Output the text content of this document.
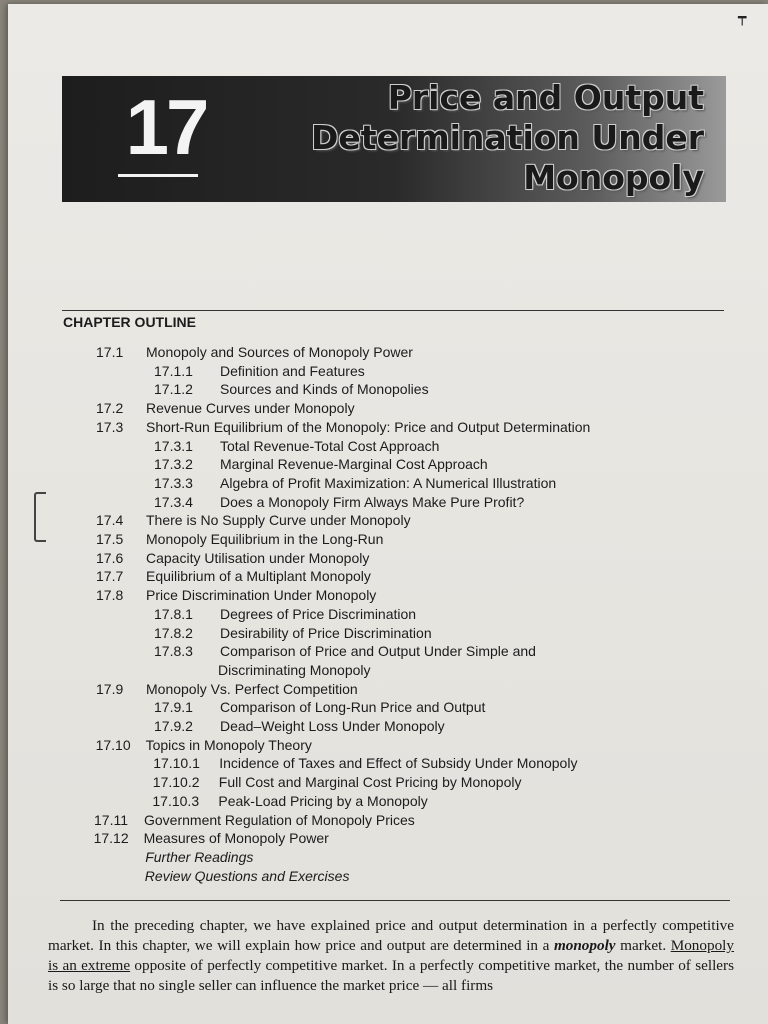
┯
17	Price and Output
Determination Under
Monopoly
CHAPTER OUTLINE
17.1 Monopoly and Sources of Monopoly Power
17.1.1 Definition and Features
17.1.2 Sources and Kinds of Monopolies
17.2 Revenue Curves under Monopoly
17.3 Short-Run Equilibrium of the Monopoly: Price and Output Determination
17.3.1 Total Revenue-Total Cost Approach
17.3.2 Marginal Revenue-Marginal Cost Approach
17.3.3 Algebra of Profit Maximization: A Numerical Illustration
17.3.4 Does a Monopoly Firm Always Make Pure Profit?
17.4 There is No Supply Curve under Monopoly
17.5 Monopoly Equilibrium in the Long-Run
17.6 Capacity Utilisation under Monopoly
17.7 Equilibrium of a Multiplant Monopoly
17.8 Price Discrimination Under Monopoly
17.8.1 Degrees of Price Discrimination
17.8.2 Desirability of Price Discrimination
17.8.3 Comparison of Price and Output Under Simple and
Discriminating Monopoly
17.9 Monopoly Vs. Perfect Competition
17.9.1 Comparison of Long-Run Price and Output
17.9.2 Dead–Weight Loss Under Monopoly
17.10 Topics in Monopoly Theory
17.10.1 Incidence of Taxes and Effect of Subsidy Under Monopoly
17.10.2 Full Cost and Marginal Cost Pricing by Monopoly
17.10.3 Peak-Load Pricing by a Monopoly
17.11 Government Regulation of Monopoly Prices
17.12 Measures of Monopoly Power
Further Readings
Review Questions and Exercises

In the preceding chapter, we have explained price and output determination in a perfectly competitive market. In this chapter, we will explain how price and output are determined in a monopoly market. Monopoly is an extreme opposite of perfectly competitive market. In a perfectly competitive market, the number of sellers is so large that no single seller can influence the market price — all firms
